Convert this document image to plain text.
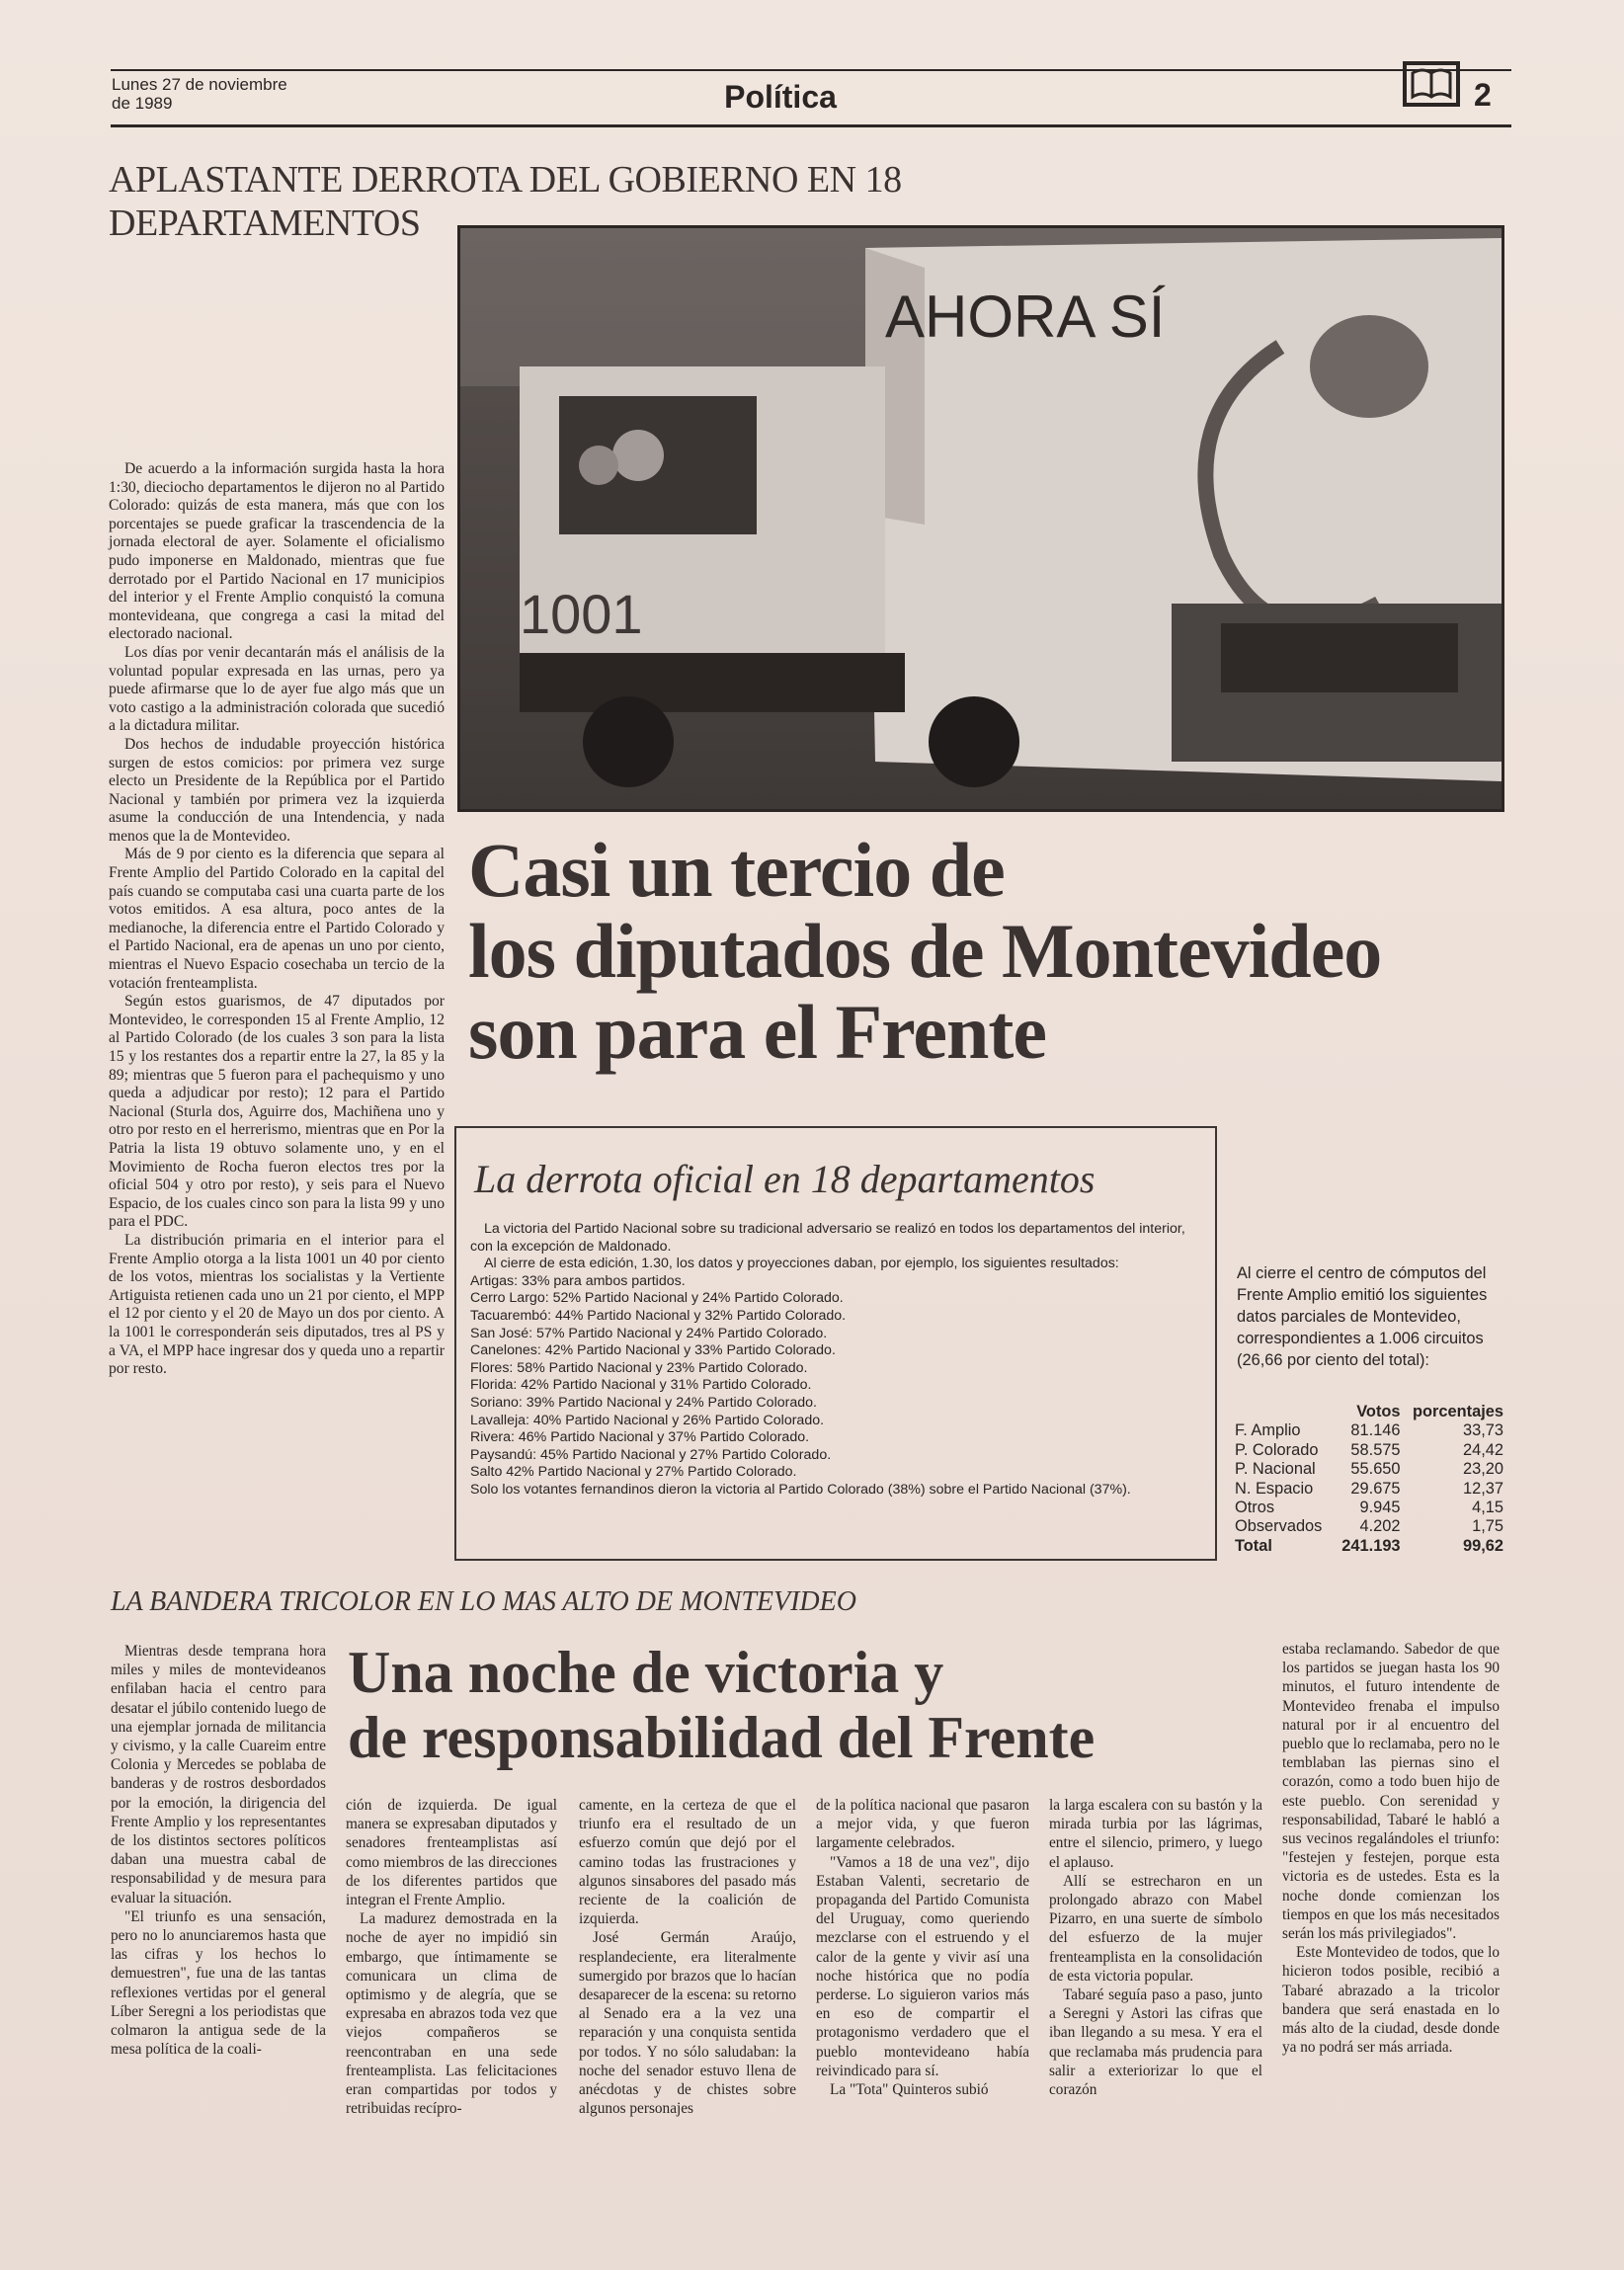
Lunes 27 de noviembre de 1989	Política	2
APLASTANTE DERROTA DEL GOBIERNO EN 18 DEPARTAMENTOS
AHORA SÍ
1001

De acuerdo a la información surgida hasta la hora 1:30, dieciocho departamentos le dijeron no al Partido Colorado: quizás de esta manera, más que con los porcentajes se puede graficar la trascendencia de la jornada electoral de ayer. Solamente el oficialismo pudo imponerse en Maldonado, mientras que fue derrotado por el Partido Nacional en 17 municipios del interior y el Frente Amplio conquistó la comuna montevideana, que congrega a casi la mitad del electorado nacional.

Los días por venir decantarán más el análisis de la voluntad popular expresada en las urnas, pero ya puede afirmarse que lo de ayer fue algo más que un voto castigo a la administración colorada que sucedió a la dictadura militar.

Dos hechos de indudable proyección histórica surgen de estos comicios: por primera vez surge electo un Presidente de la República por el Partido Nacional y también por primera vez la izquierda asume la conducción de una Intendencia, y nada menos que la de Montevideo.

Más de 9 por ciento es la diferencia que separa al Frente Amplio del Partido Colorado en la capital del país cuando se computaba casi una cuarta parte de los votos emitidos. A esa altura, poco antes de la medianoche, la diferencia entre el Partido Colorado y el Partido Nacional, era de apenas un uno por ciento, mientras el Nuevo Espacio cosechaba un tercio de la votación frenteamplista.

Según estos guarismos, de 47 diputados por Montevideo, le corresponden 15 al Frente Amplio, 12 al Partido Colorado (de los cuales 3 son para la lista 15 y los restantes dos a repartir entre la 27, la 85 y la 89; mientras que 5 fueron para el pachequismo y uno queda a adjudicar por resto); 12 para el Partido Nacional (Sturla dos, Aguirre dos, Machiñena uno y otro por resto en el herrerismo, mientras que en Por la Patria la lista 19 obtuvo solamente uno, y en el Movimiento de Rocha fueron electos tres por la oficial 504 y otro por resto), y seis para el Nuevo Espacio, de los cuales cinco son para la lista 99 y uno para el PDC.

La distribución primaria en el interior para el Frente Amplio otorga a la lista 1001 un 40 por ciento de los votos, mientras los socialistas y la Vertiente Artiguista retienen cada uno un 21 por ciento, el MPP el 12 por ciento y el 20 de Mayo un dos por ciento. A la 1001 le corresponderán seis diputados, tres al PS y a VA, el MPP hace ingresar dos y queda uno a repartir por resto.

Casi un tercio de
los diputados de Montevideo
son para el Frente
La derrota oficial en 18 departamentos
La victoria del Partido Nacional sobre su tradicional adversario se realizó en todos los departamentos del interior, con la excepción de Maldonado.
Al cierre de esta edición, 1.30, los datos y proyecciones daban, por ejemplo, los siguientes resultados:
Artigas: 33% para ambos partidos.
Cerro Largo: 52% Partido Nacional y 24% Partido Colorado.
Tacuarembó: 44% Partido Nacional y 32% Partido Colorado.
San José: 57% Partido Nacional y 24% Partido Colorado.
Canelones: 42% Partido Nacional y 33% Partido Colorado.
Flores: 58% Partido Nacional y 23% Partido Colorado.
Florida: 42% Partido Nacional y 31% Partido Colorado.
Soriano: 39% Partido Nacional y 24% Partido Colorado.
Lavalleja: 40% Partido Nacional y 26% Partido Colorado.
Rivera: 46% Partido Nacional y 37% Partido Colorado.
Paysandú: 45% Partido Nacional y 27% Partido Colorado.
Salto 42% Partido Nacional y 27% Partido Colorado.
Solo los votantes fernandinos dieron la victoria al Partido Colorado (38%) sobre el Partido Nacional (37%).
Al cierre el centro de cómputos del Frente Amplio emitió los siguientes datos parciales de Montevideo, correspondientes a 1.006 circuitos (26,66 por ciento del total):
	Votos	porcentajes
F. Amplio	81.146	33,73
P. Colorado	58.575	24,42
P. Nacional	55.650	23,20
N. Espacio	29.675	12,37
Otros	9.945	4,15
Observados	4.202	1,75
Total	241.193	99,62
LA BANDERA TRICOLOR EN LO MAS ALTO DE MONTEVIDEO
Una noche de victoria y
de responsabilidad del Frente

Mientras desde temprana hora miles y miles de montevideanos enfilaban hacia el centro para desatar el júbilo contenido luego de una ejemplar jornada de militancia y civismo, y la calle Cuareim entre Colonia y Mercedes se poblaba de banderas y de rostros desbordados por la emoción, la dirigencia del Frente Amplio y los representantes de los distintos sectores políticos daban una muestra cabal de responsabilidad y de mesura para evaluar la situación.

"El triunfo es una sensación, pero no lo anunciaremos hasta que las cifras y los hechos lo demuestren", fue una de las tantas reflexiones vertidas por el general Líber Seregni a los periodistas que colmaron la antigua sede de la mesa política de la coali-

ción de izquierda. De igual manera se expresaban diputados y senadores frenteamplistas así como miembros de las direcciones de los diferentes partidos que integran el Frente Amplio.

La madurez demostrada en la noche de ayer no impidió sin embargo, que íntimamente se comunicara un clima de optimismo y de alegría, que se expresaba en abrazos toda vez que viejos compañeros se reencontraban en una sede frenteamplista. Las felicitaciones eran compartidas por todos y retribuidas recípro-

camente, en la certeza de que el triunfo era el resultado de un esfuerzo común que dejó por el camino todas las frustraciones y algunos sinsabores del pasado más reciente de la coalición de izquierda.

José Germán Araújo, resplandeciente, era literalmente sumergido por brazos que lo hacían desaparecer de la escena: su retorno al Senado era a la vez una reparación y una conquista sentida por todos. Y no sólo saludaban: la noche del senador estuvo llena de anécdotas y de chistes sobre algunos personajes

de la política nacional que pasaron a mejor vida, y que fueron largamente celebrados.

"Vamos a 18 de una vez", dijo Estaban Valenti, secretario de propaganda del Partido Comunista del Uruguay, como queriendo mezclarse con el estruendo y el calor de la gente y vivir así una noche histórica que no podía perderse. Lo siguieron varios más en eso de compartir el protagonismo verdadero que el pueblo montevideano había reivindicado para sí.

La "Tota" Quinteros subió

la larga escalera con su bastón y la mirada turbia por las lágrimas, entre el silencio, primero, y luego el aplauso.

Allí se estrecharon en un prolongado abrazo con Mabel Pizarro, en una suerte de símbolo del esfuerzo de la mujer frenteamplista en la consolidación de esta victoria popular.

Tabaré seguía paso a paso, junto a Seregni y Astori las cifras que iban llegando a su mesa. Y era el que reclamaba más prudencia para salir a exteriorizar lo que el corazón

estaba reclamando. Sabedor de que los partidos se juegan hasta los 90 minutos, el futuro intendente de Montevideo frenaba el impulso natural por ir al encuentro del pueblo que lo reclamaba, pero no le temblaban las piernas sino el corazón, como a todo buen hijo de este pueblo. Con serenidad y responsabilidad, Tabaré le habló a sus vecinos regalándoles el triunfo: "festejen y festejen, porque esta victoria es de ustedes. Esta es la noche donde comienzan los tiempos en que los más necesitados serán los más privilegiados".

Este Montevideo de todos, que lo hicieron todos posible, recibió a Tabaré abrazado a la tricolor bandera que será enastada en lo más alto de la ciudad, desde donde ya no podrá ser más arriada.
